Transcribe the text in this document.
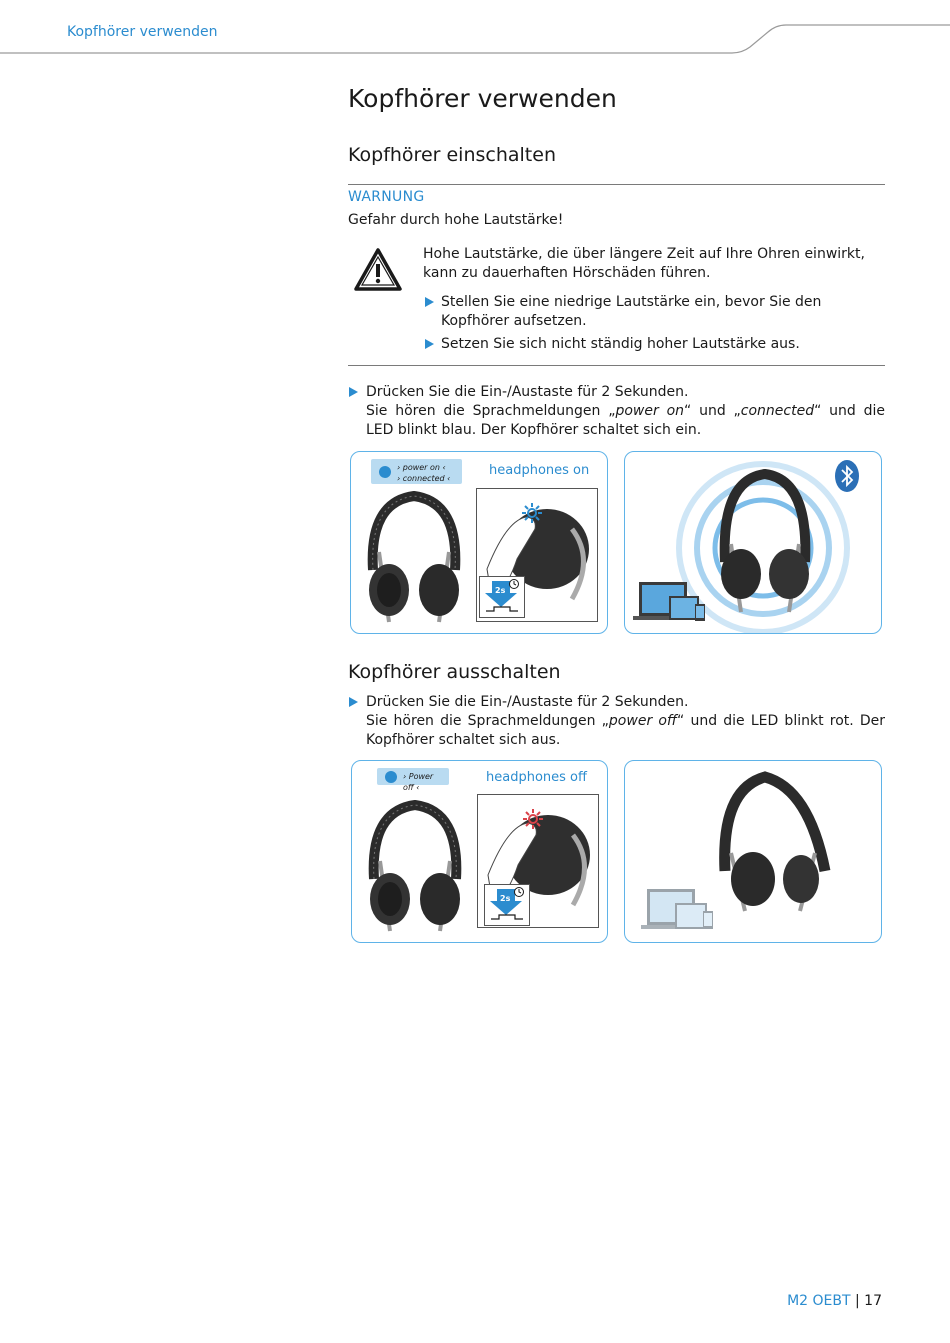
Kopfhörer verwenden
Kopfhörer verwenden
Kopfhörer einschalten
WARNUNG
Gefahr durch hohe Lautstärke!
Hohe Lautstärke, die über längere Zeit auf Ihre Ohren einwirkt, kann zu dauerhaften Hörschäden führen.
Stellen Sie eine niedrige Lautstärke ein, bevor Sie den Kopfhörer aufsetzen.
Setzen Sie sich nicht ständig hoher Lautstärke aus.
Drücken Sie die Ein-/Austaste für 2 Sekunden.
Sie hören die Sprachmeldungen „power on“ und „connected“ und die LED blinkt blau. Der Kopfhörer schaltet sich ein.
› power on ‹
› connected ‹
headphones on
2s
Kopfhörer ausschalten
Drücken Sie die Ein-/Austaste für 2 Sekunden.
Sie hören die Sprachmeldungen „power off“ und die LED blinkt rot. Der Kopfhörer schaltet sich aus.
› Power off ‹
headphones off
2s
M2 OEBT | 17
